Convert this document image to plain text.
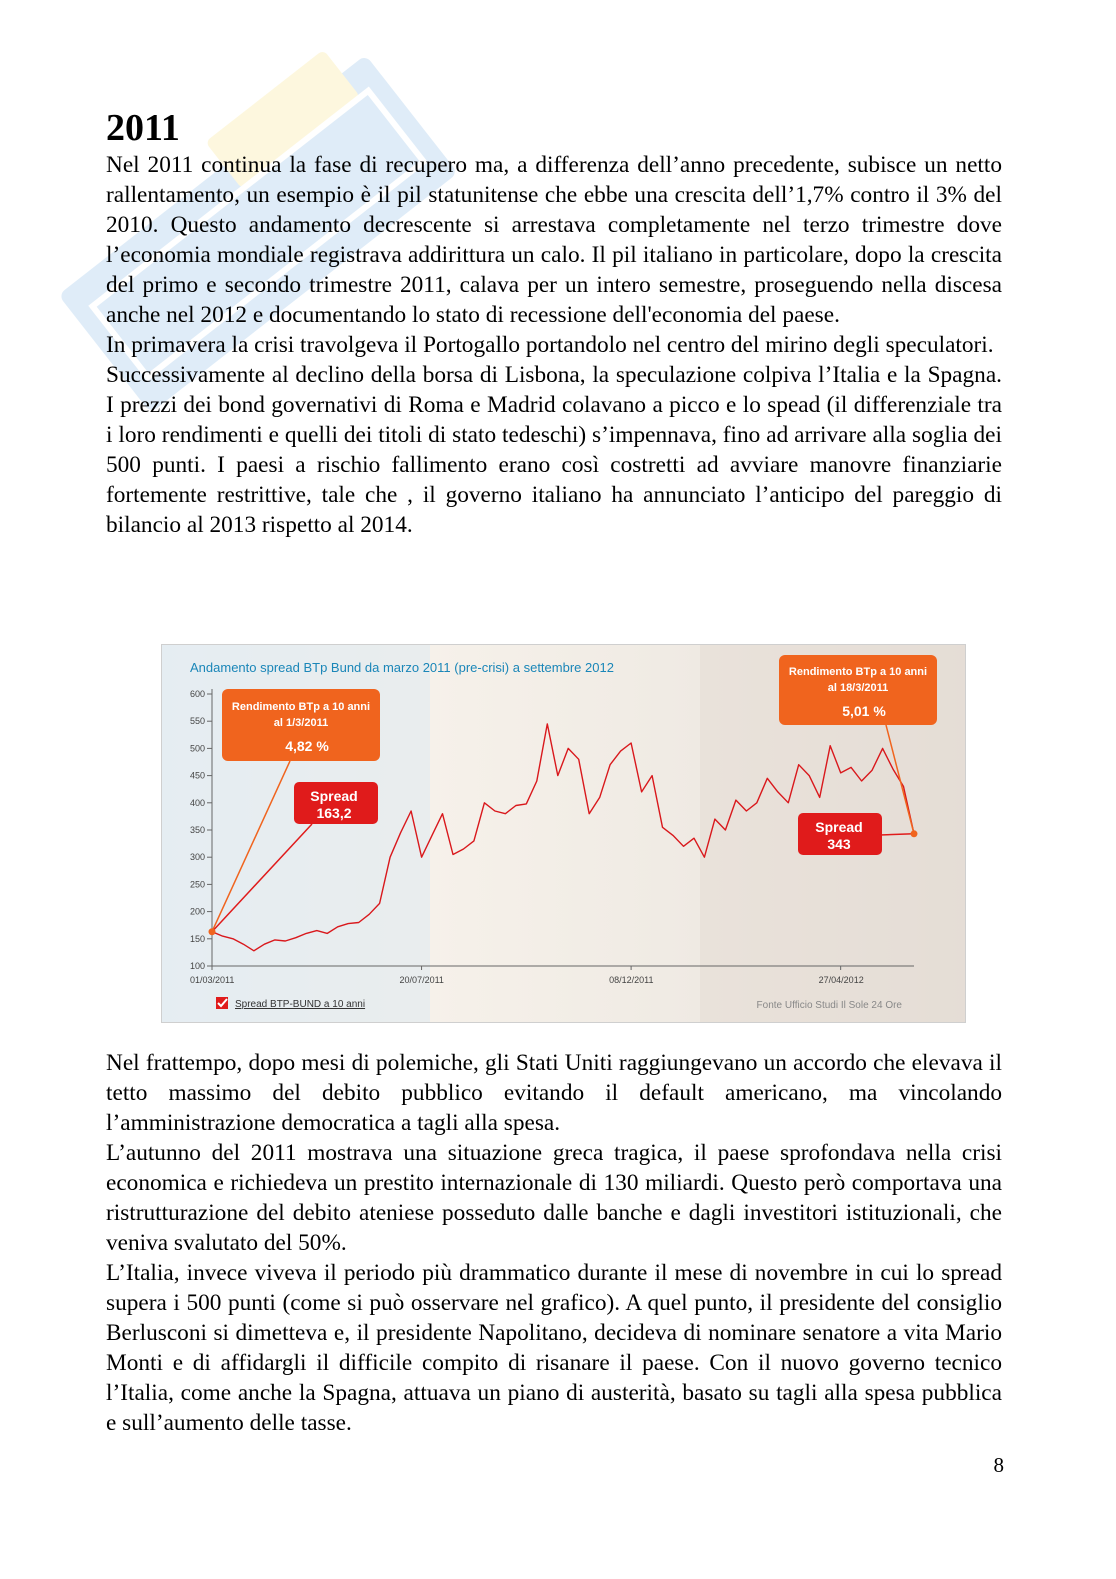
2011

Nel 2011 continua la fase di recupero ma, a differenza dell’anno precedente, subisce un netto rallentamento, un esempio è il pil statunitense che ebbe una crescita dell’1,7% contro il 3% del 2010. Questo andamento decrescente si arrestava completamente nel terzo trimestre dove l’economia mondiale registrava addirittura un calo. Il pil italiano in particolare, dopo la crescita del primo e secondo trimestre 2011, calava per un intero semestre, proseguendo nella discesa anche nel 2012 e documentando lo stato di recessione dell'economia del paese.

In primavera la crisi travolgeva il Portogallo portandolo nel centro del mirino degli speculatori.

Successivamente al declino della borsa di Lisbona, la speculazione colpiva l’Italia e la Spagna. I prezzi dei bond governativi di Roma e Madrid colavano a picco e lo spead (il differenziale tra i loro rendimenti e quelli dei titoli di stato tedeschi) s’impennava, fino ad arrivare alla soglia dei 500 punti. I paesi a rischio fallimento erano così costretti ad avviare manovre finanziarie fortemente restrittive, tale che , il governo italiano ha annunciato l’anticipo del pareggio di bilancio al 2013 rispetto al 2014.

Andamento spread BTp Bund da marzo 2011 (pre-crisi) a settembre 2012
600
550
500
450
400
350
300
250
200
150
100
01/03/2011	20/07/2011	08/12/2011	27/04/2012
Rendimento BTp a 10 anni
al 1/3/2011
4,82 %
Spread
163,2
Rendimento BTp a 10 anni
al 18/3/2011
5,01 %
Spread
343
Spread BTP-BUND a 10 anni	Fonte Ufficio Studi Il Sole 24 Ore

Nel frattempo, dopo mesi di polemiche, gli Stati Uniti raggiungevano un accordo che elevava il tetto massimo del debito pubblico evitando il default americano, ma vincolando l’amministrazione democratica a tagli alla spesa.

L’autunno del 2011 mostrava una situazione greca tragica, il paese sprofondava nella crisi economica e richiedeva un prestito internazionale di 130 miliardi. Questo però comportava una ristrutturazione del debito ateniese posseduto dalle banche e dagli investitori istituzionali, che veniva svalutato del 50%.

L’Italia, invece viveva il periodo più drammatico durante il mese di novembre in cui lo spread supera i 500 punti (come si può osservare nel grafico). A quel punto, il presidente del consiglio Berlusconi si dimetteva e, il presidente Napolitano, decideva di nominare senatore a vita Mario Monti e di affidargli il difficile compito di risanare il paese. Con il nuovo governo tecnico l’Italia, come anche la Spagna, attuava un piano di austerità, basato su tagli alla spesa pubblica e sull’aumento delle tasse.

8
